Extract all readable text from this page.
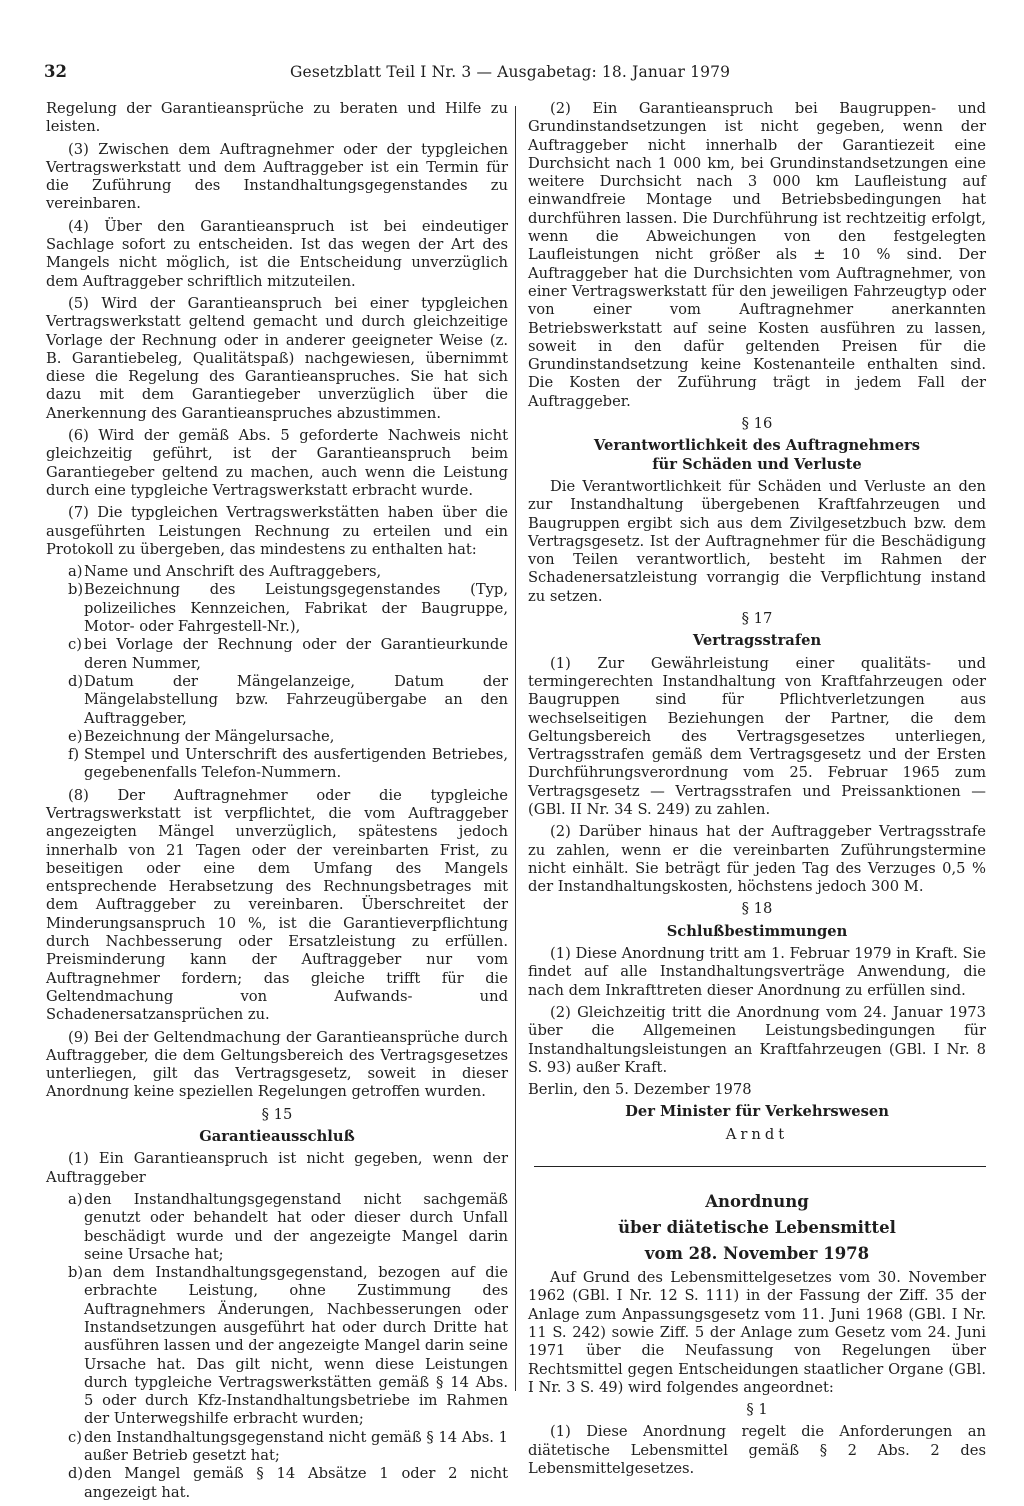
32	Gesetzblatt Teil I Nr. 3 — Ausgabetag: 18. Januar 1979

Regelung der Garantieansprüche zu beraten und Hilfe zu leisten.

(3) Zwischen dem Auftragnehmer oder der typgleichen Vertragswerkstatt und dem Auftraggeber ist ein Termin für die Zuführung des Instandhaltungsgegenstandes zu vereinbaren.

(4) Über den Garantieanspruch ist bei eindeutiger Sachlage sofort zu entscheiden. Ist das wegen der Art des Mangels nicht möglich, ist die Entscheidung unverzüglich dem Auftraggeber schriftlich mitzuteilen.

(5) Wird der Garantieanspruch bei einer typgleichen Vertragswerkstatt geltend gemacht und durch gleichzeitige Vorlage der Rechnung oder in anderer geeigneter Weise (z. B. Garantiebeleg, Qualitätspaß) nachgewiesen, übernimmt diese die Regelung des Garantieanspruches. Sie hat sich dazu mit dem Garantiegeber unverzüglich über die Anerkennung des Garantieanspruches abzustimmen.

(6) Wird der gemäß Abs. 5 geforderte Nachweis nicht gleichzeitig geführt, ist der Garantieanspruch beim Garantiegeber geltend zu machen, auch wenn die Leistung durch eine typgleiche Vertragswerkstatt erbracht wurde.

(7) Die typgleichen Vertragswerkstätten haben über die ausgeführten Leistungen Rechnung zu erteilen und ein Protokoll zu übergeben, das mindestens zu enthalten hat:

a) Name und Anschrift des Auftraggebers,
b) Bezeichnung des Leistungsgegenstandes (Typ, polizeiliches Kennzeichen, Fabrikat der Baugruppe, Motor- oder Fahrgestell-Nr.),
c) bei Vorlage der Rechnung oder der Garantieurkunde deren Nummer,
d) Datum der Mängelanzeige, Datum der Mängelabstellung bzw. Fahrzeugübergabe an den Auftraggeber,
e) Bezeichnung der Mängelursache,
f) Stempel und Unterschrift des ausfertigenden Betriebes, gegebenenfalls Telefon-Nummern.

(8) Der Auftragnehmer oder die typgleiche Vertragswerkstatt ist verpflichtet, die vom Auftraggeber angezeigten Mängel unverzüglich, spätestens jedoch innerhalb von 21 Tagen oder der vereinbarten Frist, zu beseitigen oder eine dem Umfang des Mangels entsprechende Herabsetzung des Rechnungsbetrages mit dem Auftraggeber zu vereinbaren. Überschreitet der Minderungsanspruch 10 %, ist die Garantieverpflichtung durch Nachbesserung oder Ersatzleistung zu erfüllen. Preisminderung kann der Auftraggeber nur vom Auftragnehmer fordern; das gleiche trifft für die Geltendmachung von Aufwands- und Schadenersatzansprüchen zu.

(9) Bei der Geltendmachung der Garantieansprüche durch Auftraggeber, die dem Geltungsbereich des Vertragsgesetzes unterliegen, gilt das Vertragsgesetz, soweit in dieser Anordnung keine speziellen Regelungen getroffen wurden.

§ 15

Garantieausschluß

(1) Ein Garantieanspruch ist nicht gegeben, wenn der Auftraggeber

a) den Instandhaltungsgegenstand nicht sachgemäß genutzt oder behandelt hat oder dieser durch Unfall beschädigt wurde und der angezeigte Mangel darin seine Ursache hat;
b) an dem Instandhaltungsgegenstand, bezogen auf die erbrachte Leistung, ohne Zustimmung des Auftragnehmers Änderungen, Nachbesserungen oder Instandsetzungen ausgeführt hat oder durch Dritte hat ausführen lassen und der angezeigte Mangel darin seine Ursache hat. Das gilt nicht, wenn diese Leistungen durch typgleiche Vertragswerkstätten gemäß § 14 Abs. 5 oder durch Kfz-Instandhaltungsbetriebe im Rahmen der Unterwegshilfe erbracht wurden;
c) den Instandhaltungsgegenstand nicht gemäß § 14 Abs. 1 außer Betrieb gesetzt hat;
d) den Mangel gemäß § 14 Absätze 1 oder 2 nicht angezeigt hat.

(2) Ein Garantieanspruch bei Baugruppen- und Grundinstandsetzungen ist nicht gegeben, wenn der Auftraggeber nicht innerhalb der Garantiezeit eine Durchsicht nach 1 000 km, bei Grundinstandsetzungen eine weitere Durchsicht nach 3 000 km Laufleistung auf einwandfreie Montage und Betriebsbedingungen hat durchführen lassen. Die Durchführung ist rechtzeitig erfolgt, wenn die Abweichungen von den festgelegten Laufleistungen nicht größer als ± 10 % sind. Der Auftraggeber hat die Durchsichten vom Auftragnehmer, von einer Vertragswerkstatt für den jeweiligen Fahrzeugtyp oder von einer vom Auftragnehmer anerkannten Betriebswerkstatt auf seine Kosten ausführen zu lassen, soweit in den dafür geltenden Preisen für die Grundinstandsetzung keine Kostenanteile enthalten sind. Die Kosten der Zuführung trägt in jedem Fall der Auftraggeber.

§ 16

Verantwortlichkeit des Auftragnehmers
für Schäden und Verluste

Die Verantwortlichkeit für Schäden und Verluste an den zur Instandhaltung übergebenen Kraftfahrzeugen und Baugruppen ergibt sich aus dem Zivilgesetzbuch bzw. dem Vertragsgesetz. Ist der Auftragnehmer für die Beschädigung von Teilen verantwortlich, besteht im Rahmen der Schadenersatzleistung vorrangig die Verpflichtung instand zu setzen.

§ 17

Vertragsstrafen

(1) Zur Gewährleistung einer qualitäts- und termingerechten Instandhaltung von Kraftfahrzeugen oder Baugruppen sind für Pflichtverletzungen aus wechselseitigen Beziehungen der Partner, die dem Geltungsbereich des Vertragsgesetzes unterliegen, Vertragsstrafen gemäß dem Vertragsgesetz und der Ersten Durchführungsverordnung vom 25. Februar 1965 zum Vertragsgesetz — Vertragsstrafen und Preissanktionen — (GBl. II Nr. 34 S. 249) zu zahlen.

(2) Darüber hinaus hat der Auftraggeber Vertragsstrafe zu zahlen, wenn er die vereinbarten Zuführungstermine nicht einhält. Sie beträgt für jeden Tag des Verzuges 0,5 % der Instandhaltungskosten, höchstens jedoch 300 M.

§ 18

Schlußbestimmungen

(1) Diese Anordnung tritt am 1. Februar 1979 in Kraft. Sie findet auf alle Instandhaltungsverträge Anwendung, die nach dem Inkrafttreten dieser Anordnung zu erfüllen sind.

(2) Gleichzeitig tritt die Anordnung vom 24. Januar 1973 über die Allgemeinen Leistungsbedingungen für Instandhaltungsleistungen an Kraftfahrzeugen (GBl. I Nr. 8 S. 93) außer Kraft.

Berlin, den 5. Dezember 1978

Der Minister für Verkehrswesen

Arndt

Anordnung

über diätetische Lebensmittel

vom 28. November 1978

Auf Grund des Lebensmittelgesetzes vom 30. November 1962 (GBl. I Nr. 12 S. 111) in der Fassung der Ziff. 35 der Anlage zum Anpassungsgesetz vom 11. Juni 1968 (GBl. I Nr. 11 S. 242) sowie Ziff. 5 der Anlage zum Gesetz vom 24. Juni 1971 über die Neufassung von Regelungen über Rechtsmittel gegen Entscheidungen staatlicher Organe (GBl. I Nr. 3 S. 49) wird folgendes angeordnet:

§ 1

(1) Diese Anordnung regelt die Anforderungen an diätetische Lebensmittel gemäß § 2 Abs. 2 des Lebensmittelgesetzes.
